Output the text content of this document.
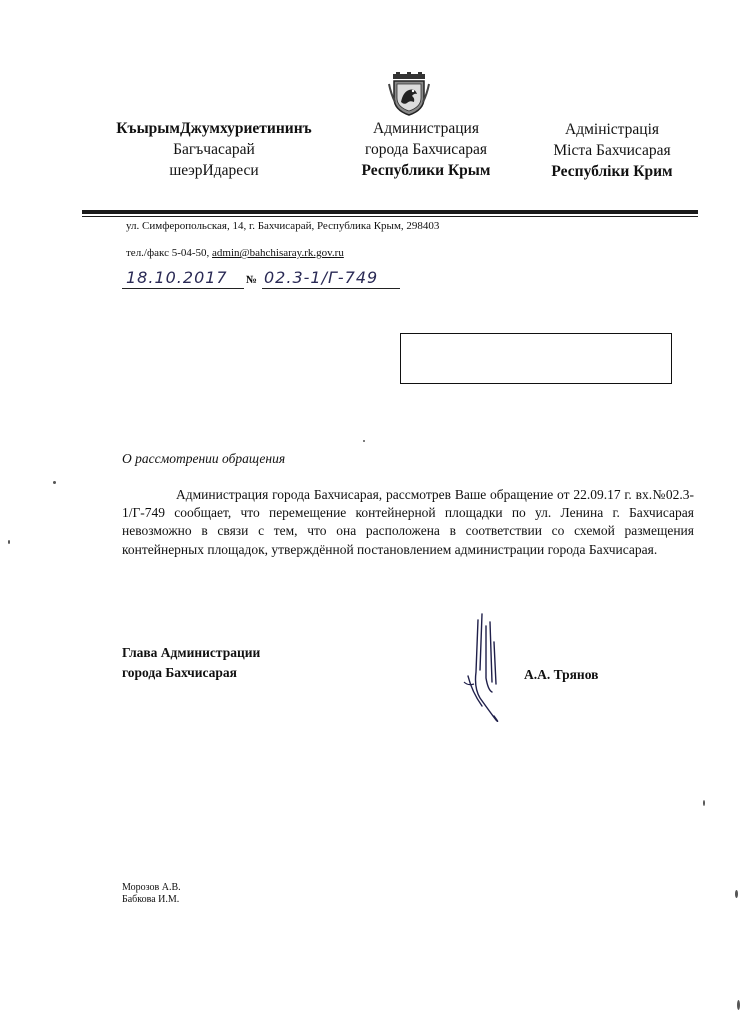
КъырымДжумхуриетининъ
Багъчасарай
шеэрИдареси
Администрация
города Бахчисарая
Республики Крым
Адміністрація
Міста Бахчисарая
Республіки Крим
ул. Симферопольская, 14, г. Бахчисарай, Республика Крым, 298403
тел./факс 5-04-50, admin@bahchisaray.rk.gov.ru
18.10.2017 № 02.3-1/Г-749
О рассмотрении обращения

Администрация города Бахчисарая, рассмотрев Ваше обращение от 22.09.17 г. вх.№02.3-1/Г-749 сообщает, что перемещение контейнерной площадки по ул. Ленина г. Бахчисарая невозможно в связи с тем, что она расположена в соответствии со схемой размещения контейнерных площадок, утверждённой постановлением администрации города Бахчисарая.

Глава Администрации
города Бахчисарая	А.А. Трянов
Морозов А.В.
Бабкова И.М.
